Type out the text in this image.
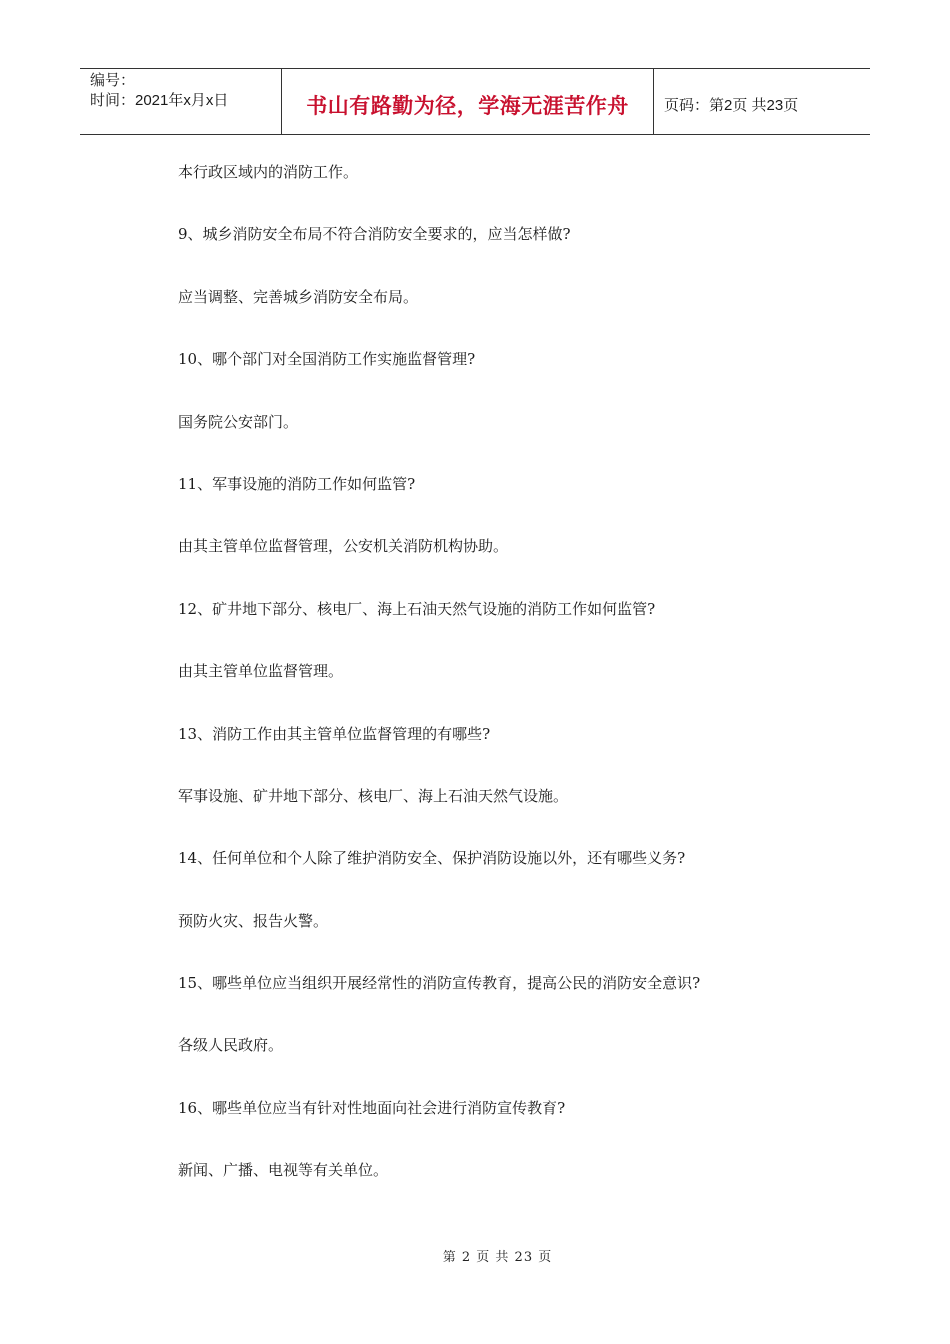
编号：
时间：2021年x月x日	书山有路勤为径，学海无涯苦作舟	页码：第2页 共23页
本行政区域内的消防工作。
9、城乡消防安全布局不符合消防安全要求的，应当怎样做?
应当调整、完善城乡消防安全布局。
10、哪个部门对全国消防工作实施监督管理?
国务院公安部门。
11、军事设施的消防工作如何监管?
由其主管单位监督管理，公安机关消防机构协助。
12、矿井地下部分、核电厂、海上石油天然气设施的消防工作如何监管?
由其主管单位监督管理。
13、消防工作由其主管单位监督管理的有哪些?
军事设施、矿井地下部分、核电厂、海上石油天然气设施。
14、任何单位和个人除了维护消防安全、保护消防设施以外，还有哪些义务?
预防火灾、报告火警。
15、哪些单位应当组织开展经常性的消防宣传教育，提高公民的消防安全意识?
各级人民政府。
16、哪些单位应当有针对性地面向社会进行消防宣传教育?
新闻、广播、电视等有关单位。
第 2 页 共 23 页
